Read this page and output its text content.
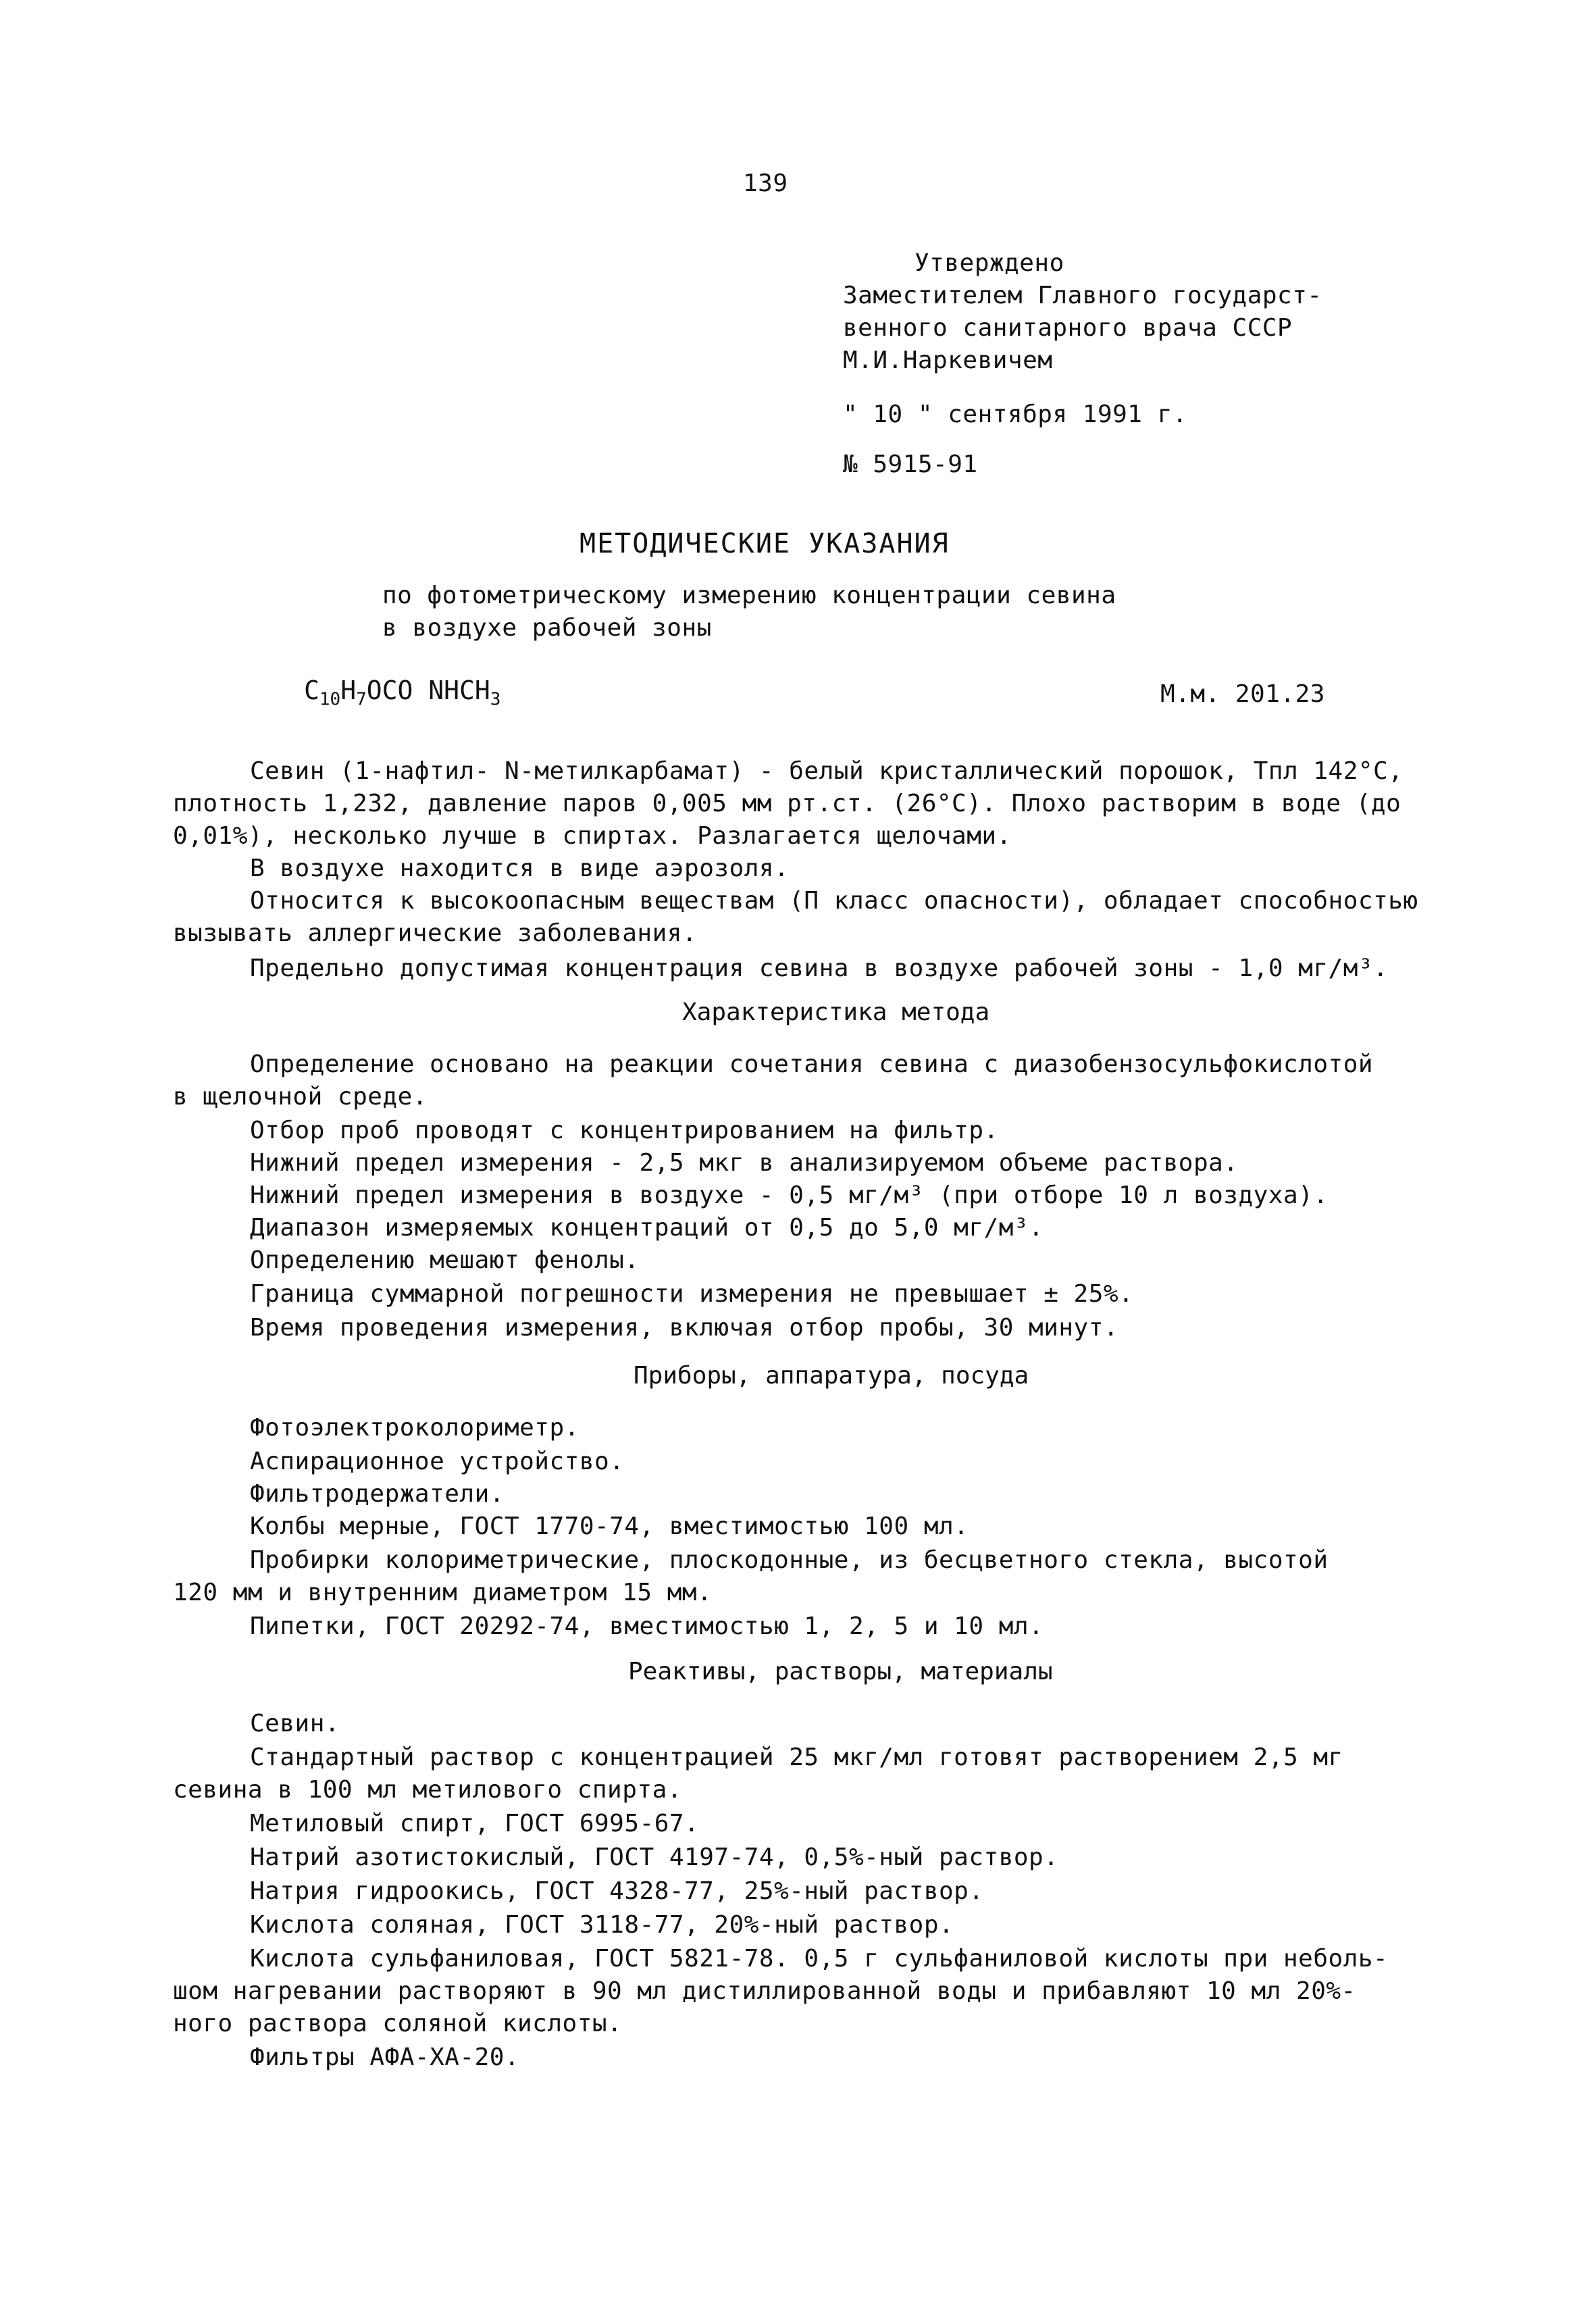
139
Утверждено
Заместителем Главного государст-
венного санитарного врача СССР
М.И.Наркевичем
" 10 " сентября 1991 г.
№ 5915-91
МЕТОДИЧЕСКИЕ УКАЗАНИЯ
по фотометрическому измерению концентрации севина
в воздухе рабочей зоны
$C_{10}H_7OCO$ $NHCH_3$	М.м. 201.23
Севин (1-нафтил- N-метилкарбамат) - белый кристаллический порошок, Тпл 142°С,
плотность 1,232, давление паров 0,005 мм рт.ст. (26°С). Плохо растворим в воде (до
0,01%), несколько лучше в спиртах. Разлагается щелочами.
В воздухе находится в виде аэрозоля.
Относится к высокоопасным веществам (П класс опасности), обладает способностью
вызывать аллергические заболевания.
Предельно допустимая концентрация севина в воздухе рабочей зоны - 1,0 мг/м³.
Характеристика метода
Определение основано на реакции сочетания севина с диазобензосульфокислотой
в щелочной среде.
Отбор проб проводят с концентрированием на фильтр.
Нижний предел измерения - 2,5 мкг в анализируемом объеме раствора.
Нижний предел измерения в воздухе - 0,5 мг/м³ (при отборе 10 л воздуха).
Диапазон измеряемых концентраций от 0,5 до 5,0 мг/м³.
Определению мешают фенолы.
Граница суммарной погрешности измерения не превышает ± 25%.
Время проведения измерения, включая отбор пробы, 30 минут.
Приборы, аппаратура, посуда
Фотоэлектроколориметр.
Аспирационное устройство.
Фильтродержатели.
Колбы мерные, ГОСТ 1770-74, вместимостью 100 мл.
Пробирки колориметрические, плоскодонные, из бесцветного стекла, высотой
120 мм и внутренним диаметром 15 мм.
Пипетки, ГОСТ 20292-74, вместимостью 1, 2, 5 и 10 мл.
Реактивы, растворы, материалы
Севин.
Стандартный раствор с концентрацией 25 мкг/мл готовят растворением 2,5 мг
севина в 100 мл метилового спирта.
Метиловый спирт, ГОСТ 6995-67.
Натрий азотистокислый, ГОСТ 4197-74, 0,5%-ный раствор.
Натрия гидроокись, ГОСТ 4328-77, 25%-ный раствор.
Кислота соляная, ГОСТ 3118-77, 20%-ный раствор.
Кислота сульфаниловая, ГОСТ 5821-78. 0,5 г сульфаниловой кислоты при неболь-
шом нагревании растворяют в 90 мл дистиллированной воды и прибавляют 10 мл 20%-
ного раствора соляной кислоты.
Фильтры АФА-ХА-20.
